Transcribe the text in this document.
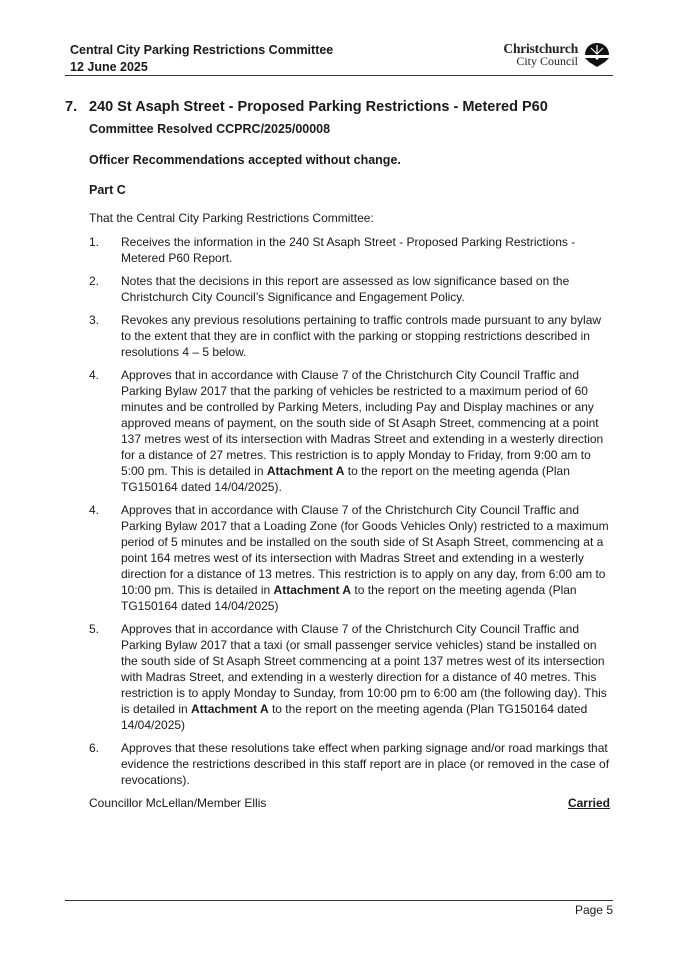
Central City Parking Restrictions Committee
12 June 2025
Christchurch
City Council
7. 240 St Asaph Street - Proposed Parking Restrictions - Metered P60
Committee Resolved CCPRC/2025/00008
Officer Recommendations accepted without change.
Part C
That the Central City Parking Restrictions Committee:
1.	Receives the information in the 240 St Asaph Street - Proposed Parking Restrictions - Metered P60 Report.
2.	Notes that the decisions in this report are assessed as low significance based on the Christchurch City Council’s Significance and Engagement Policy.
3.	Revokes any previous resolutions pertaining to traffic controls made pursuant to any bylaw to the extent that they are in conflict with the parking or stopping restrictions described in resolutions 4 – 5 below.
4.	Approves that in accordance with Clause 7 of the Christchurch City Council Traffic and Parking Bylaw 2017 that the parking of vehicles be restricted to a maximum period of 60 minutes and be controlled by Parking Meters, including Pay and Display machines or any approved means of payment, on the south side of St Asaph Street, commencing at a point 137 metres west of its intersection with Madras Street and extending in a westerly direction for a distance of 27 metres. This restriction is to apply Monday to Friday, from 9:00 am to 5:00 pm. This is detailed in Attachment A to the report on the meeting agenda (Plan TG150164 dated 14/04/2025).
4.	Approves that in accordance with Clause 7 of the Christchurch City Council Traffic and Parking Bylaw 2017 that a Loading Zone (for Goods Vehicles Only) restricted to a maximum period of 5 minutes and be installed on the south side of St Asaph Street, commencing at a point 164 metres west of its intersection with Madras Street and extending in a westerly direction for a distance of 13 metres. This restriction is to apply on any day, from 6:00 am to 10:00 pm. This is detailed in Attachment A to the report on the meeting agenda (Plan TG150164 dated 14/04/2025)
5.	Approves that in accordance with Clause 7 of the Christchurch City Council Traffic and Parking Bylaw 2017 that a taxi (or small passenger service vehicles) stand be installed on the south side of St Asaph Street commencing at a point 137 metres west of its intersection with Madras Street, and extending in a westerly direction for a distance of 40 metres. This restriction is to apply Monday to Sunday, from 10:00 pm to 6:00 am (the following day). This is detailed in Attachment A to the report on the meeting agenda (Plan TG150164 dated 14/04/2025)
6.	Approves that these resolutions take effect when parking signage and/or road markings that evidence the restrictions described in this staff report are in place (or removed in the case of revocations).
Councillor McLellan/Member Ellis	Carried
Page 5
